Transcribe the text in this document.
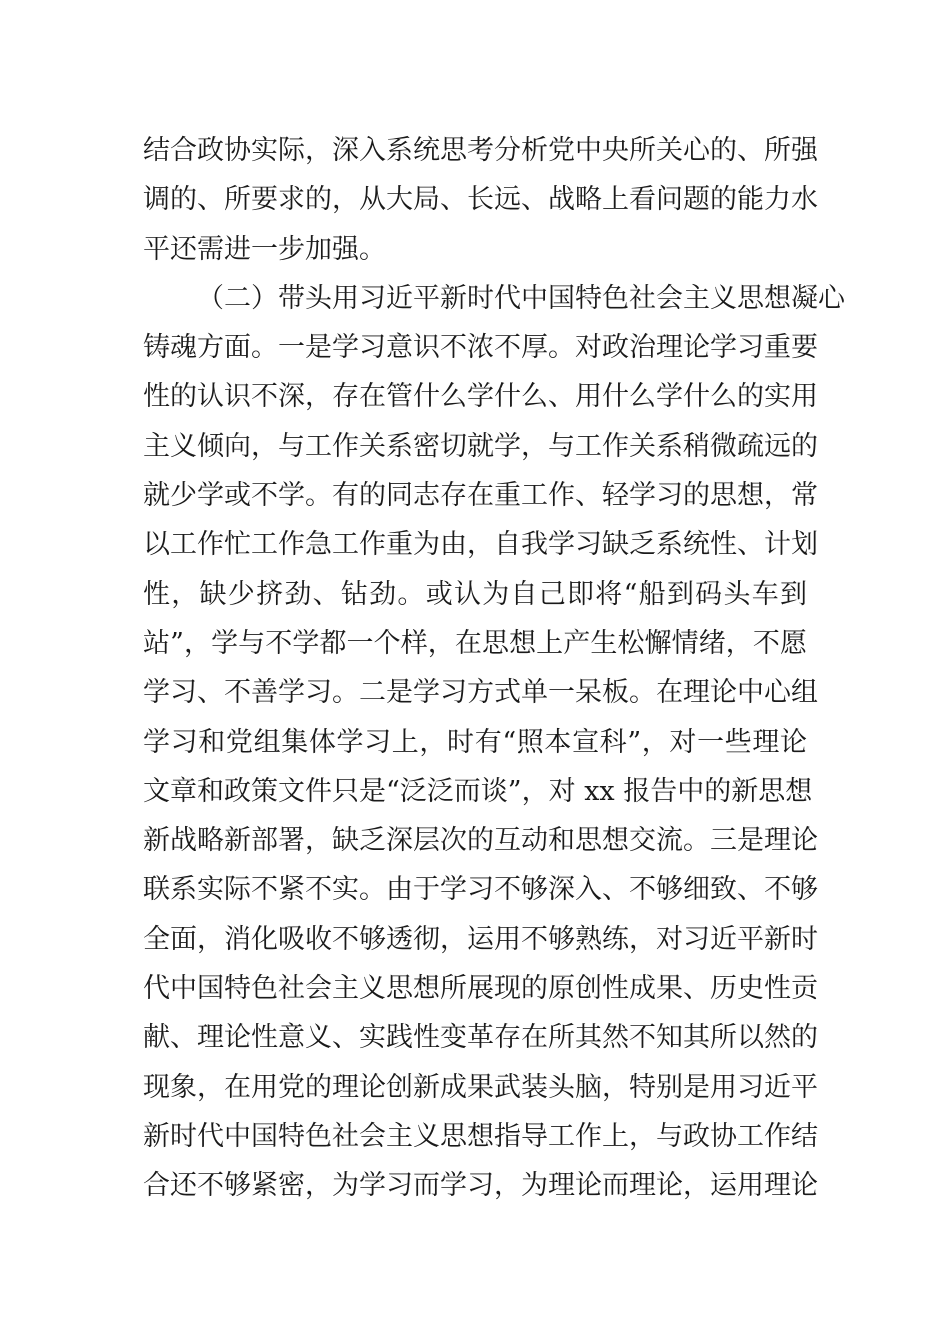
结合政协实际，深入系统思考分析党中央所关心的、所强
调的、所要求的，从大局、长远、战略上看问题的能力水
平还需进一步加强。
（二）带头用习近平新时代中国特色社会主义思想凝心
铸魂方面。一是学习意识不浓不厚。对政治理论学习重要
性的认识不深，存在管什么学什么、用什么学什么的实用
主义倾向，与工作关系密切就学，与工作关系稍微疏远的
就少学或不学。有的同志存在重工作、轻学习的思想，常
以工作忙工作急工作重为由，自我学习缺乏系统性、计划
性，缺少挤劲、钻劲。或认为自己即将“船到码头车到
站”，学与不学都一个样，在思想上产生松懈情绪，不愿
学习、不善学习。二是学习方式单一呆板。在理论中心组
学习和党组集体学习上，时有“照本宣科”，对一些理论
文章和政策文件只是“泛泛而谈”，对 xx 报告中的新思想
新战略新部署，缺乏深层次的互动和思想交流。三是理论
联系实际不紧不实。由于学习不够深入、不够细致、不够
全面，消化吸收不够透彻，运用不够熟练，对习近平新时
代中国特色社会主义思想所展现的原创性成果、历史性贡
献、理论性意义、实践性变革存在所其然不知其所以然的
现象，在用党的理论创新成果武装头脑，特别是用习近平
新时代中国特色社会主义思想指导工作上，与政协工作结
合还不够紧密，为学习而学习，为理论而理论，运用理论
